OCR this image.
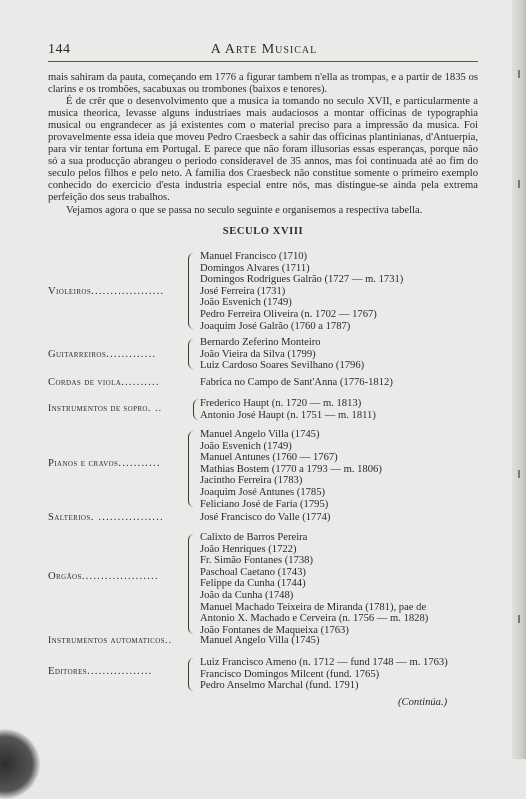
144	A Arte Musical

mais sahiram da pauta, começando em 1776 a figurar tambem n'ella as trompas, e a partir de 1835 os clarins e os trombões, sacabuxas ou trombones (baixos e tenores).

É de crêr que o desenvolvimento que a musica ia tomando no seculo XVII, e particularmente a musica theorica, levasse alguns industriaes mais audaciosos a montar officinas de typographia musical ou engrandecer as já existentes com o material preciso para a impressão da musica. Foi provavelmente essa ideia que moveu Pedro Craesbeck a sahir das officinas plantinianas, d'Antuerpia, para vir tentar fortuna em Portugal. E parece que não foram illusorias essas esperanças, porque não só a sua producção abrangeu o periodo consideravel de 35 annos, mas foi continuada até ao fim do seculo pelos filhos e pelo neto. A familia dos Craesbeck não constitue somente o primeiro exemplo conhecido do exercicio d'esta industria especial entre nós, mas distingue-se ainda pela extrema perfeição dos seus trabalhos.

Vejamos agora o que se passa no seculo seguinte e organisemos a respectiva tabella.

SECULO XVIII
Violeiros...................
Manuel Francisco (1710)
Domingos Alvares (1711)
Domingos Rodrigues Galrão (1727 — m. 1731)
José Ferreira (1731)
João Esvenich (1749)
Pedro Ferreira Oliveira (n. 1702 — 1767)
Joaquim José Galrão (1760 a 1787)
Guitarreiros.............
Bernardo Zeferino Monteiro
João Vieira da Silva (1799)
Luiz Cardoso Soares Sevilhano (1796)
Cordas de viola..........	Fabrica no Campo de Sant'Anna (1776-1812)
Instrumentos de sopro. ..	Frederico Haupt (n. 1720 — m. 1813)
Antonio José Haupt (n. 1751 — m. 1811)
Pianos e cravos...........
Manuel Angelo Villa (1745)
João Esvenich (1749)
Manuel Antunes (1760 — 1767)
Mathias Bostem (1770 a 1793 — m. 1806)
Jacintho Ferreira (1783)
Joaquim José Antunes (1785)
Feliciano José de Faria (1795)
Salterios. .................	José Francisco do Valle (1774)
Orgãos....................
Calixto de Barros Pereira
João Henriques (1722)
Fr. Simão Fontanes (1738)
Paschoal Caetano (1743)
Felippe da Cunha (1744)
João da Cunha (1748)
Manuel Machado Teixeira de Miranda (1781), pae de
Antonio X. Machado e Cerveira (n. 1756 — m. 1828)
João Fontanes de Maqueixa (1763)
Instrumentos automaticos..	Manuel Angelo Villa (1745)
Editores.................
Luiz Francisco Ameno (n. 1712 — fund 1748 — m. 1763)
Francisco Domingos Milcent (fund. 1765)
Pedro Anselmo Marchal (fund. 1791)
(Continúa.)
